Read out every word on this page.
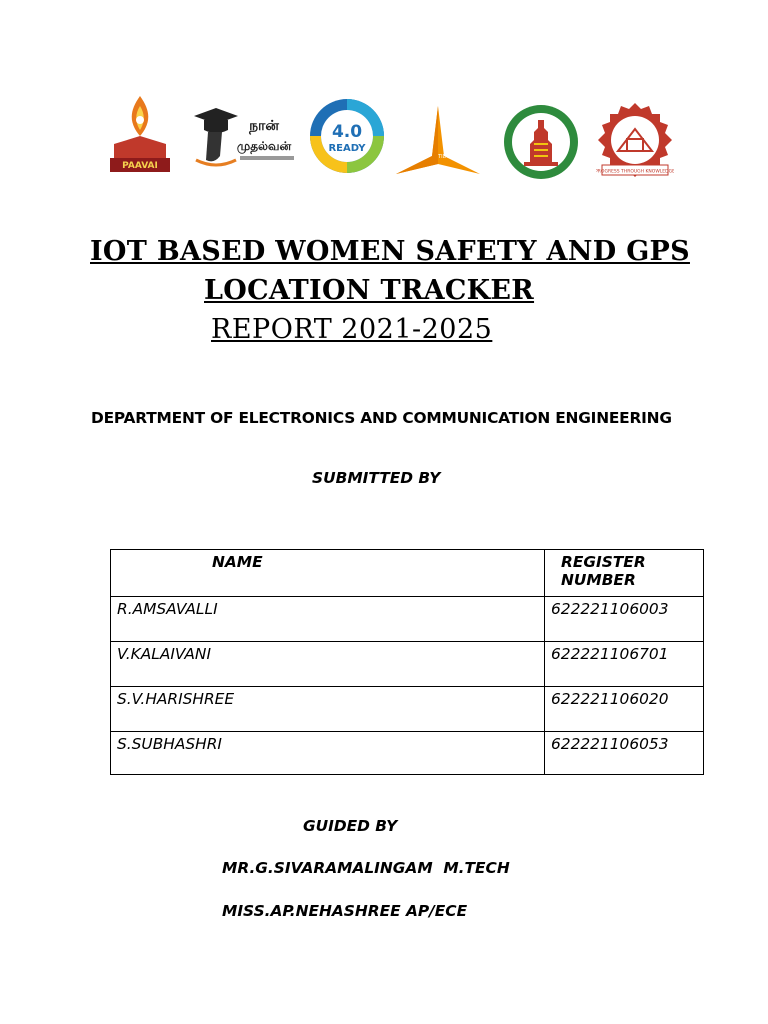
PAAVAI
நான்
முதல்வன்
4.0
READY
TIDCO
PROGRESS THROUGH KNOWLEDGE
IOT BASED WOMEN SAFETY AND GPS
LOCATION TRACKER
REPORT 2021-2025
DEPARTMENT OF ELECTRONICS AND COMMUNICATION ENGINEERING
SUBMITTED BY
NAME	REGISTER NUMBER
R.AMSAVALLI	622221106003
V.KALAIVANI	622221106701
S.V.HARISHREE	622221106020
S.SUBHASHRI	622221106053
GUIDED BY
MR.G.SIVARAMALINGAM  M.TECH
MISS.AP.NEHASHREE AP/ECE
